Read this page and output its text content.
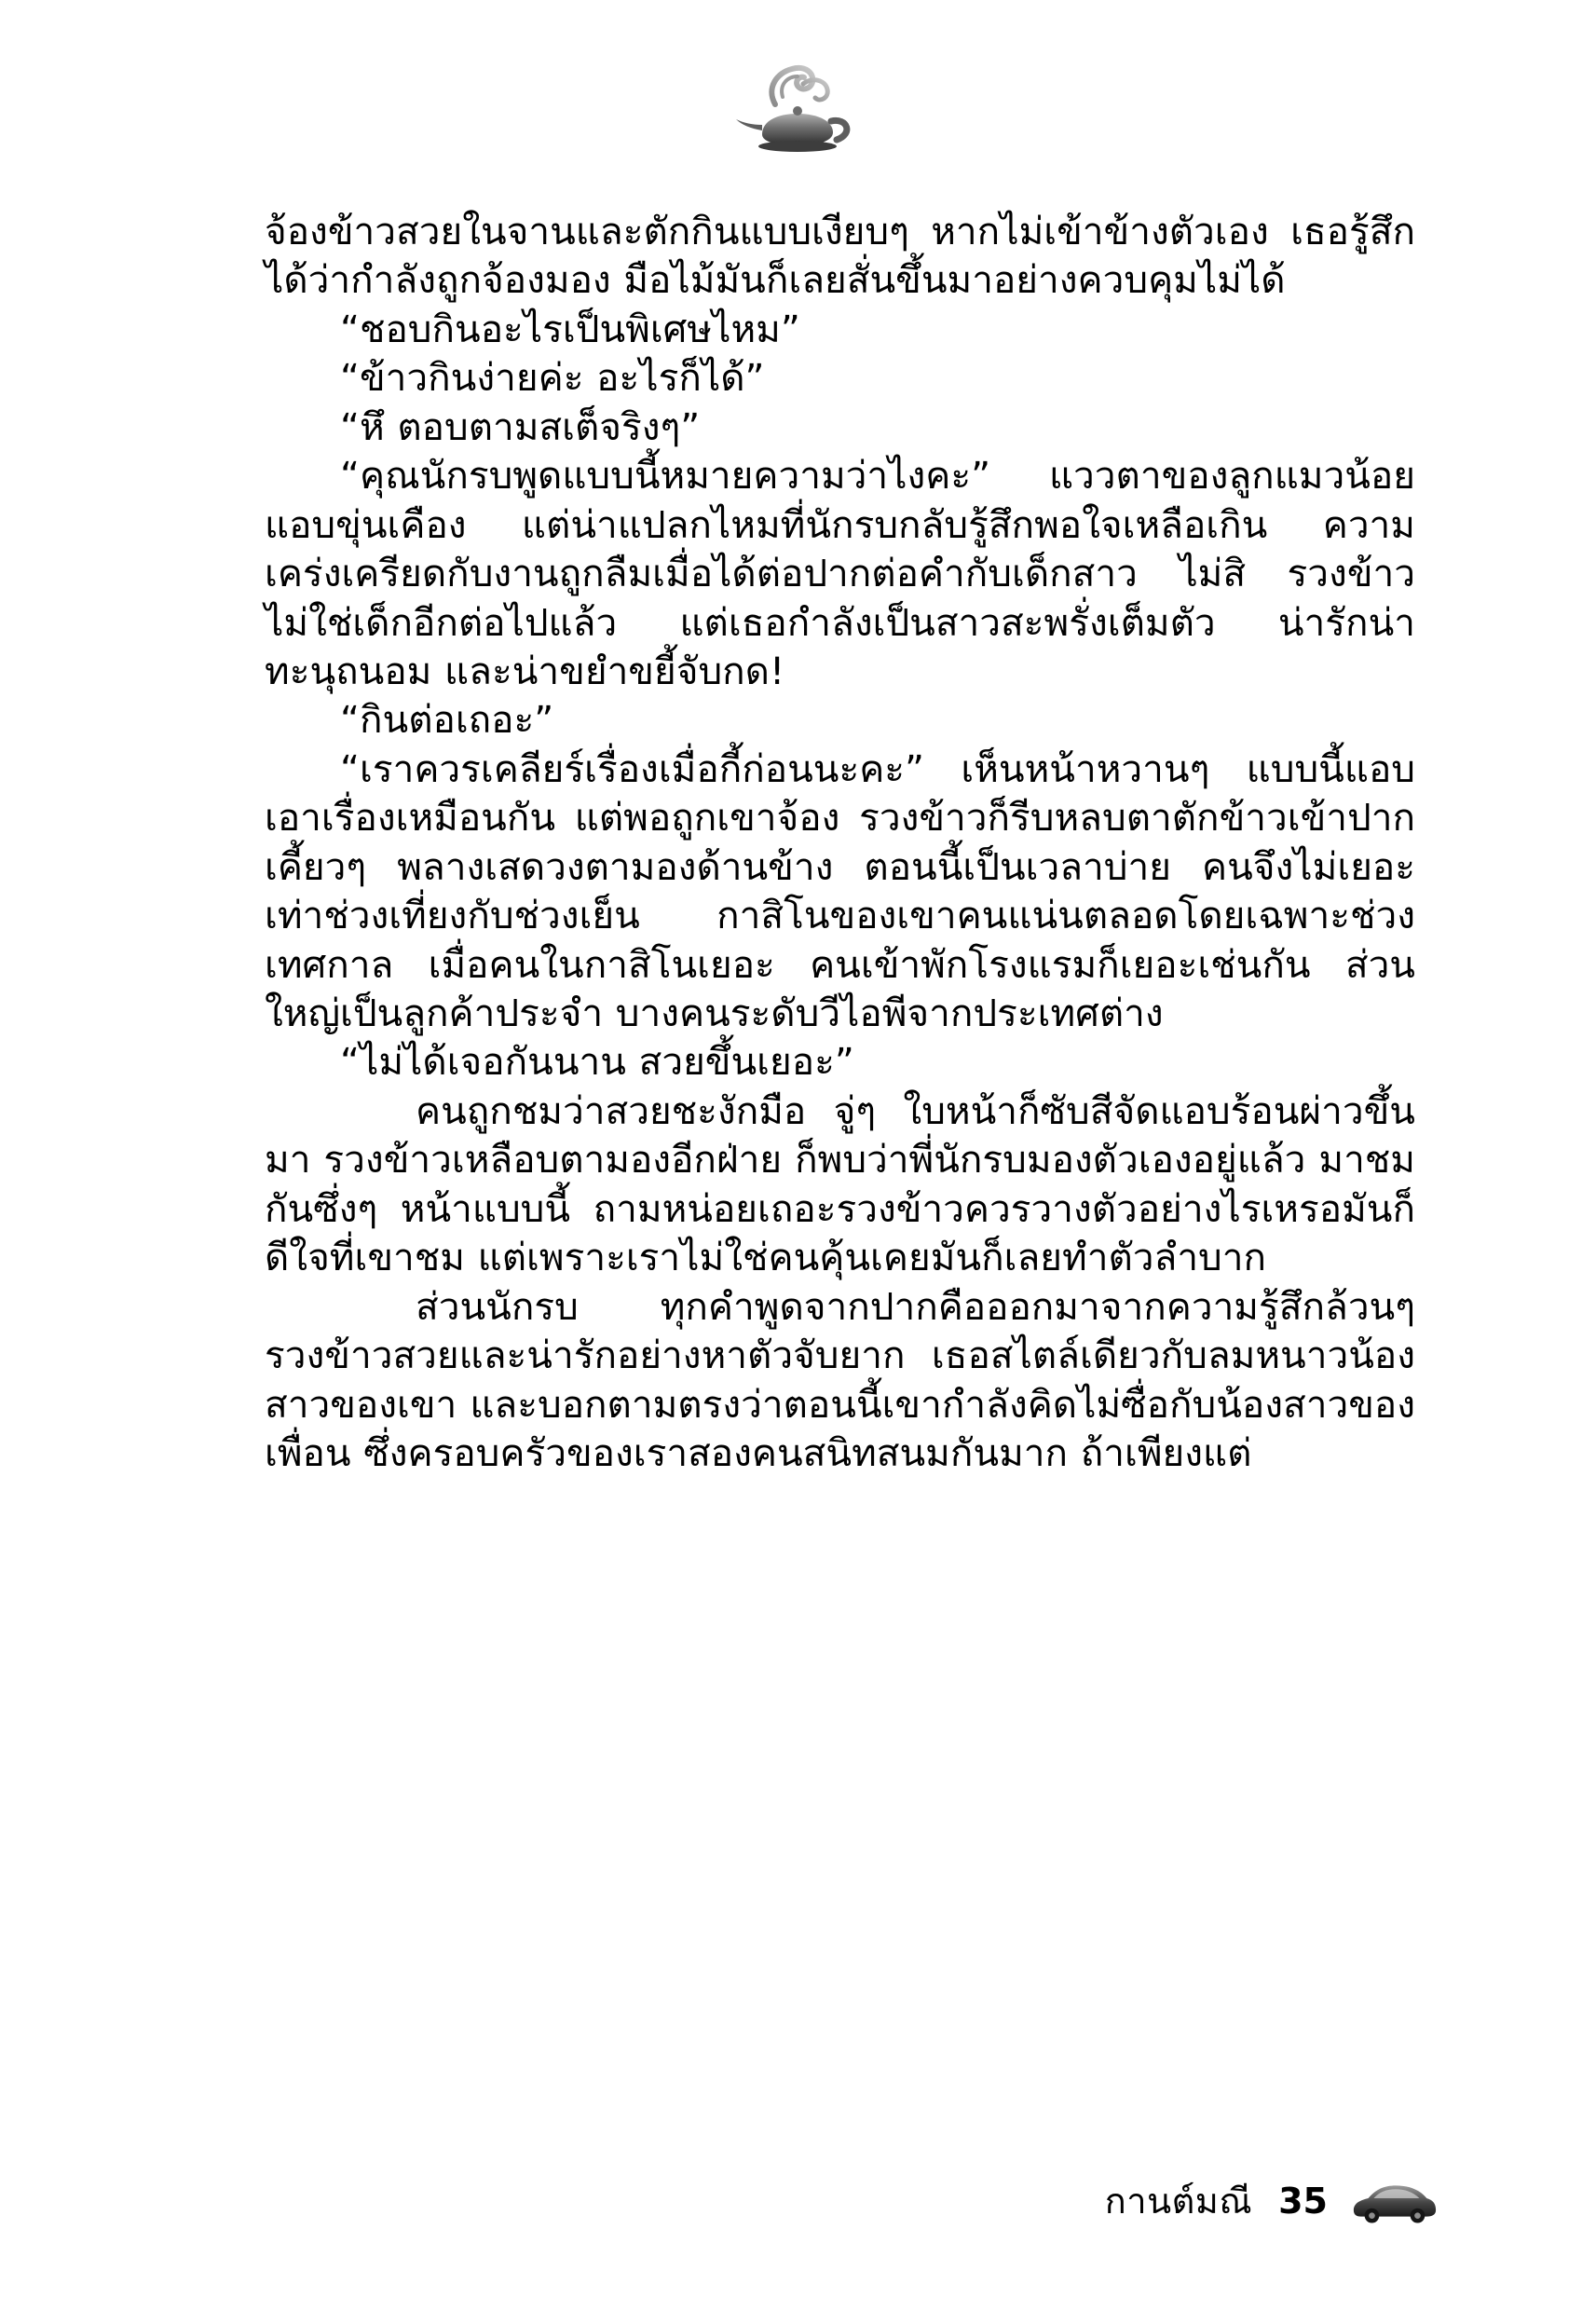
จ้องข้าวสวยในจานและตักกินแบบเงียบๆ หากไม่เข้าข้างตัวเอง เธอรู้สึกได้ว่ากำลังถูกจ้องมอง มือไม้มันก็เลยสั่นขึ้นมาอย่างควบคุมไม่ได้

“ชอบกินอะไรเป็นพิเศษไหม”

“ข้าวกินง่ายค่ะ อะไรก็ได้”

“หึ ตอบตามสเต็จริงๆ”

“คุณนักรบพูดแบบนี้หมายความว่าไงคะ” แววตาของลูกแมวน้อยแอบขุ่นเคือง แต่น่าแปลกไหมที่นักรบกลับรู้สึกพอใจเหลือเกิน ความเคร่งเครียดกับงานถูกลืมเมื่อได้ต่อปากต่อคำกับเด็กสาว ไม่สิ รวงข้าวไม่ใช่เด็กอีกต่อไปแล้ว แต่เธอกำลังเป็นสาวสะพรั่งเต็มตัว น่ารักน่าทะนุถนอม และน่าขยำขยี้จับกด!

“กินต่อเถอะ”

“เราควรเคลียร์เรื่องเมื่อกี้ก่อนนะคะ” เห็นหน้าหวานๆ แบบนี้แอบเอาเรื่องเหมือนกัน แต่พอถูกเขาจ้อง รวงข้าวก็รีบหลบตาตักข้าวเข้าปากเคี้ยวๆ พลางเสดวงตามองด้านข้าง ตอนนี้เป็นเวลาบ่าย คนจึงไม่เยอะเท่าช่วงเที่ยงกับช่วงเย็น กาสิโนของเขาคนแน่นตลอดโดยเฉพาะช่วงเทศกาล เมื่อคนในกาสิโนเยอะ คนเข้าพักโรงแรมก็เยอะเช่นกัน ส่วนใหญ่เป็นลูกค้าประจำ บางคนระดับวีไอพีจากประเทศต่าง

“ไม่ได้เจอกันนาน สวยขึ้นเยอะ”

คนถูกชมว่าสวยชะงักมือ จู่ๆ ใบหน้าก็ซับสีจัดแอบร้อนผ่าวขึ้นมา รวงข้าวเหลือบตามองอีกฝ่าย ก็พบว่าพี่นักรบมองตัวเองอยู่แล้ว มาชมกันซึ่งๆ หน้าแบบนี้ ถามหน่อยเถอะรวงข้าวควรวางตัวอย่างไรเหรอมันก็ดีใจที่เขาชม แต่เพราะเราไม่ใช่คนคุ้นเคยมันก็เลยทำตัวลำบาก

ส่วนนักรบ ทุกคำพูดจากปากคือออกมาจากความรู้สึกล้วนๆ รวงข้าวสวยและน่ารักอย่างหาตัวจับยาก เธอสไตล์เดียวกับลมหนาวน้องสาวของเขา และบอกตามตรงว่าตอนนี้เขากำลังคิดไม่ซื่อกับน้องสาวของเพื่อน ซึ่งครอบครัวของเราสองคนสนิทสนมกันมาก ถ้าเพียงแต่

กานต์มณี 35
